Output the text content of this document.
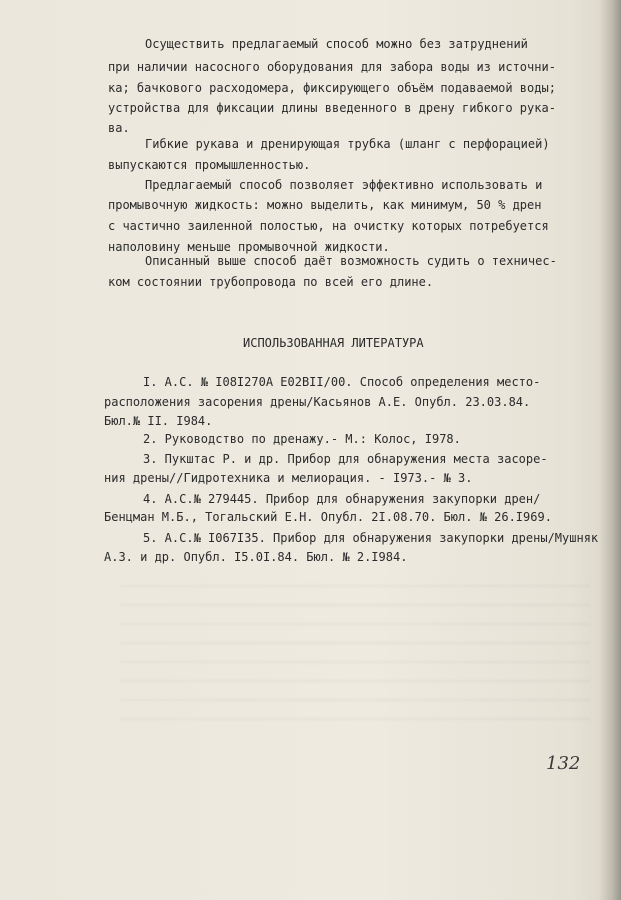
Осуществить предлагаемый способ можно без затруднений
при наличии насосного оборудования для забора воды из источни-
ка; бачкового расходомера, фиксирующего объём подаваемой воды;
устройства для фиксации длины введенного в дрену гибкого рука-
ва.
Гибкие рукава и дренирующая трубка (шланг с перфорацией)
выпускаются промышленностью.
Предлагаемый способ позволяет эффективно использовать и
промывочную жидкость: можно выделить, как минимум, 50 % дрен
с частично заиленной полостью, на очистку которых потребуется
наполовину меньше промывочной жидкости.
Описанный выше способ даёт возможность судить о техничес-
ком состоянии трубопровода по всей его длине.
ИСПОЛЬЗОВАННАЯ ЛИТЕРАТУРА
I. А.С. № I08I270А E02BII/00. Способ определения место-
расположения засорения дрены/Касьянов А.Е. Опубл. 23.03.84.
Бюл.№ II. I984.
2. Руководство по дренажу.- М.: Колос, I978.
3. Пукштас Р. и др. Прибор для обнаружения места засоре-
ния дрены//Гидротехника и мелиорация. - I973.- № 3.
4. А.С.№ 279445. Прибор для обнаружения закупорки дрен/
Бенцман М.Б., Тогальский Е.Н. Опубл. 2I.08.70. Бюл. № 26.I969.
5. А.С.№ I067I35. Прибор для обнаружения закупорки дрены/Мушняк А.З. и др. Опубл. I5.0I.84. Бюл. № 2.I984.
132
